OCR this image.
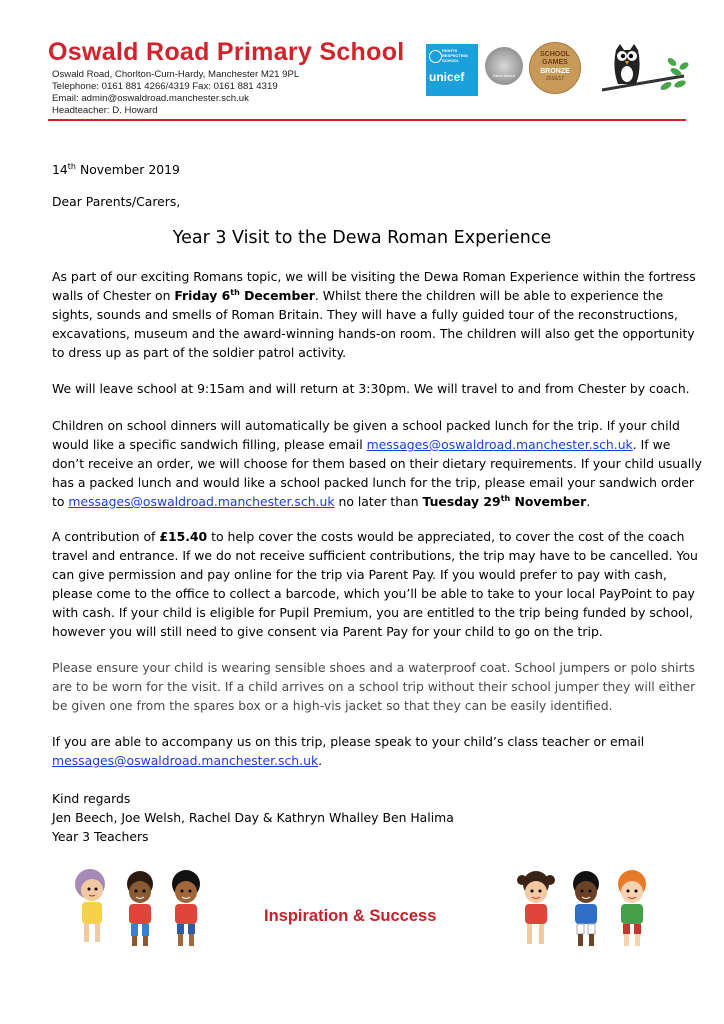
Oswald Road Primary School
Oswald Road, Chorlton-Cum-Hardy, Manchester M21 9PL
Telephone: 0161 881 4266/4319 Fax: 0161 881 4319
Email: admin@oswaldroad.manchester.sch.uk
Headteacher: D. Howard
RIGHTS RESPECTING SCHOOL
unicef	Silver Award
SCHOOL
GAMES
BRONZE
2016/17
14th November 2019
Dear Parents/Carers,
Year 3 Visit to the Dewa Roman Experience

As part of our exciting Romans topic, we will be visiting the Dewa Roman Experience within the fortress

walls of Chester on Friday 6th December. Whilst there the children will be able to experience the

sights, sounds and smells of Roman Britain. They will have a fully guided tour of the reconstructions,

excavations, museum and the award-winning hands-on room. The children will also get the opportunity

to dress up as part of the soldier patrol activity.

We will leave school at 9:15am and will return at 3:30pm. We will travel to and from Chester by coach.

Children on school dinners will automatically be given a school packed lunch for the trip. If your child

would like a specific sandwich filling, please email messages@oswaldroad.manchester.sch.uk. If we

don’t receive an order, we will choose for them based on their dietary requirements. If your child usually

has a packed lunch and would like a school packed lunch for the trip, please email your sandwich order

to messages@oswaldroad.manchester.sch.uk no later than Tuesday 29th November.

A contribution of £15.40 to help cover the costs would be appreciated, to cover the cost of the coach

travel and entrance. If we do not receive sufficient contributions, the trip may have to be cancelled. You

can give permission and pay online for the trip via Parent Pay. If you would prefer to pay with cash,

please come to the office to collect a barcode, which you’ll be able to take to your local PayPoint to pay

with cash. If your child is eligible for Pupil Premium, you are entitled to the trip being funded by school,

however you will still need to give consent via Parent Pay for your child to go on the trip.

Please ensure your child is wearing sensible shoes and a waterproof coat. School jumpers or polo shirts

are to be worn for the visit. If a child arrives on a school trip without their school jumper they will either

be given one from the spares box or a high-vis jacket so that they can be easily identified.

If you are able to accompany us on this trip, please speak to your child’s class teacher or email

messages@oswaldroad.manchester.sch.uk.

Kind regards

Jen Beech, Joe Welsh, Rachel Day & Kathryn Whalley Ben Halima

Year 3 Teachers

Inspiration & Success
